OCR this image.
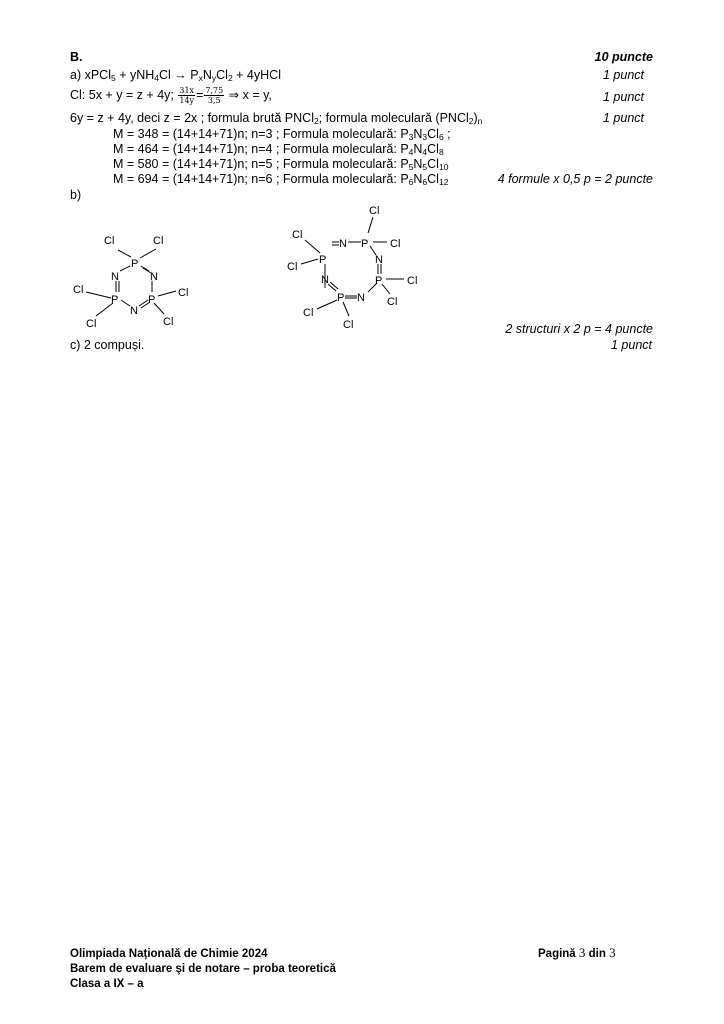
B.	10 puncte
a) xPCl$_5$ + $yNH_4Cl \to P_xN_yCl_2$ + 4yHCl	1 punct
Cl: 5x + y = z + 4y; $\frac{31x}{14y} = \frac{7,75}{3,5}$ ⇒ x = y,	1 punct
6y = z + 4y, deci z = 2x ; formula brută PNCl$_2$; formula moleculară $(PNCl_2)_n$	1 punct
M = 348 = (14+14+71)n; n=3 ; Formula moleculară: $P_3N_3Cl_6$ ;
M = 464 = (14+14+71)n; n=4 ; Formula moleculară: $P_4N_4Cl_8$
M = 580 = (14+14+71)n; n=5 ; Formula moleculară: $P_5N_5Cl_{10}$
M = 694 = (14+14+71)n; n=6 ; Formula moleculară: $P_6N_6Cl_{12}$	4 formule x 0,5 p = 2 puncte
b)
Cl	Cl
P
N	N
Cl
P	P
Cl
N
Cl	Cl
Cl
Cl
N P Cl
P	N
Cl
N	P Cl
P N Cl
Cl
Cl	2 structuri x 2 p = 4 puncte
c) 2 compuși.	1 punct
Olimpiada Națională de Chimie 2024
Barem de evaluare şi de notare – proba teoretică
Clasa a IX – a
Pagină 3 din 3
